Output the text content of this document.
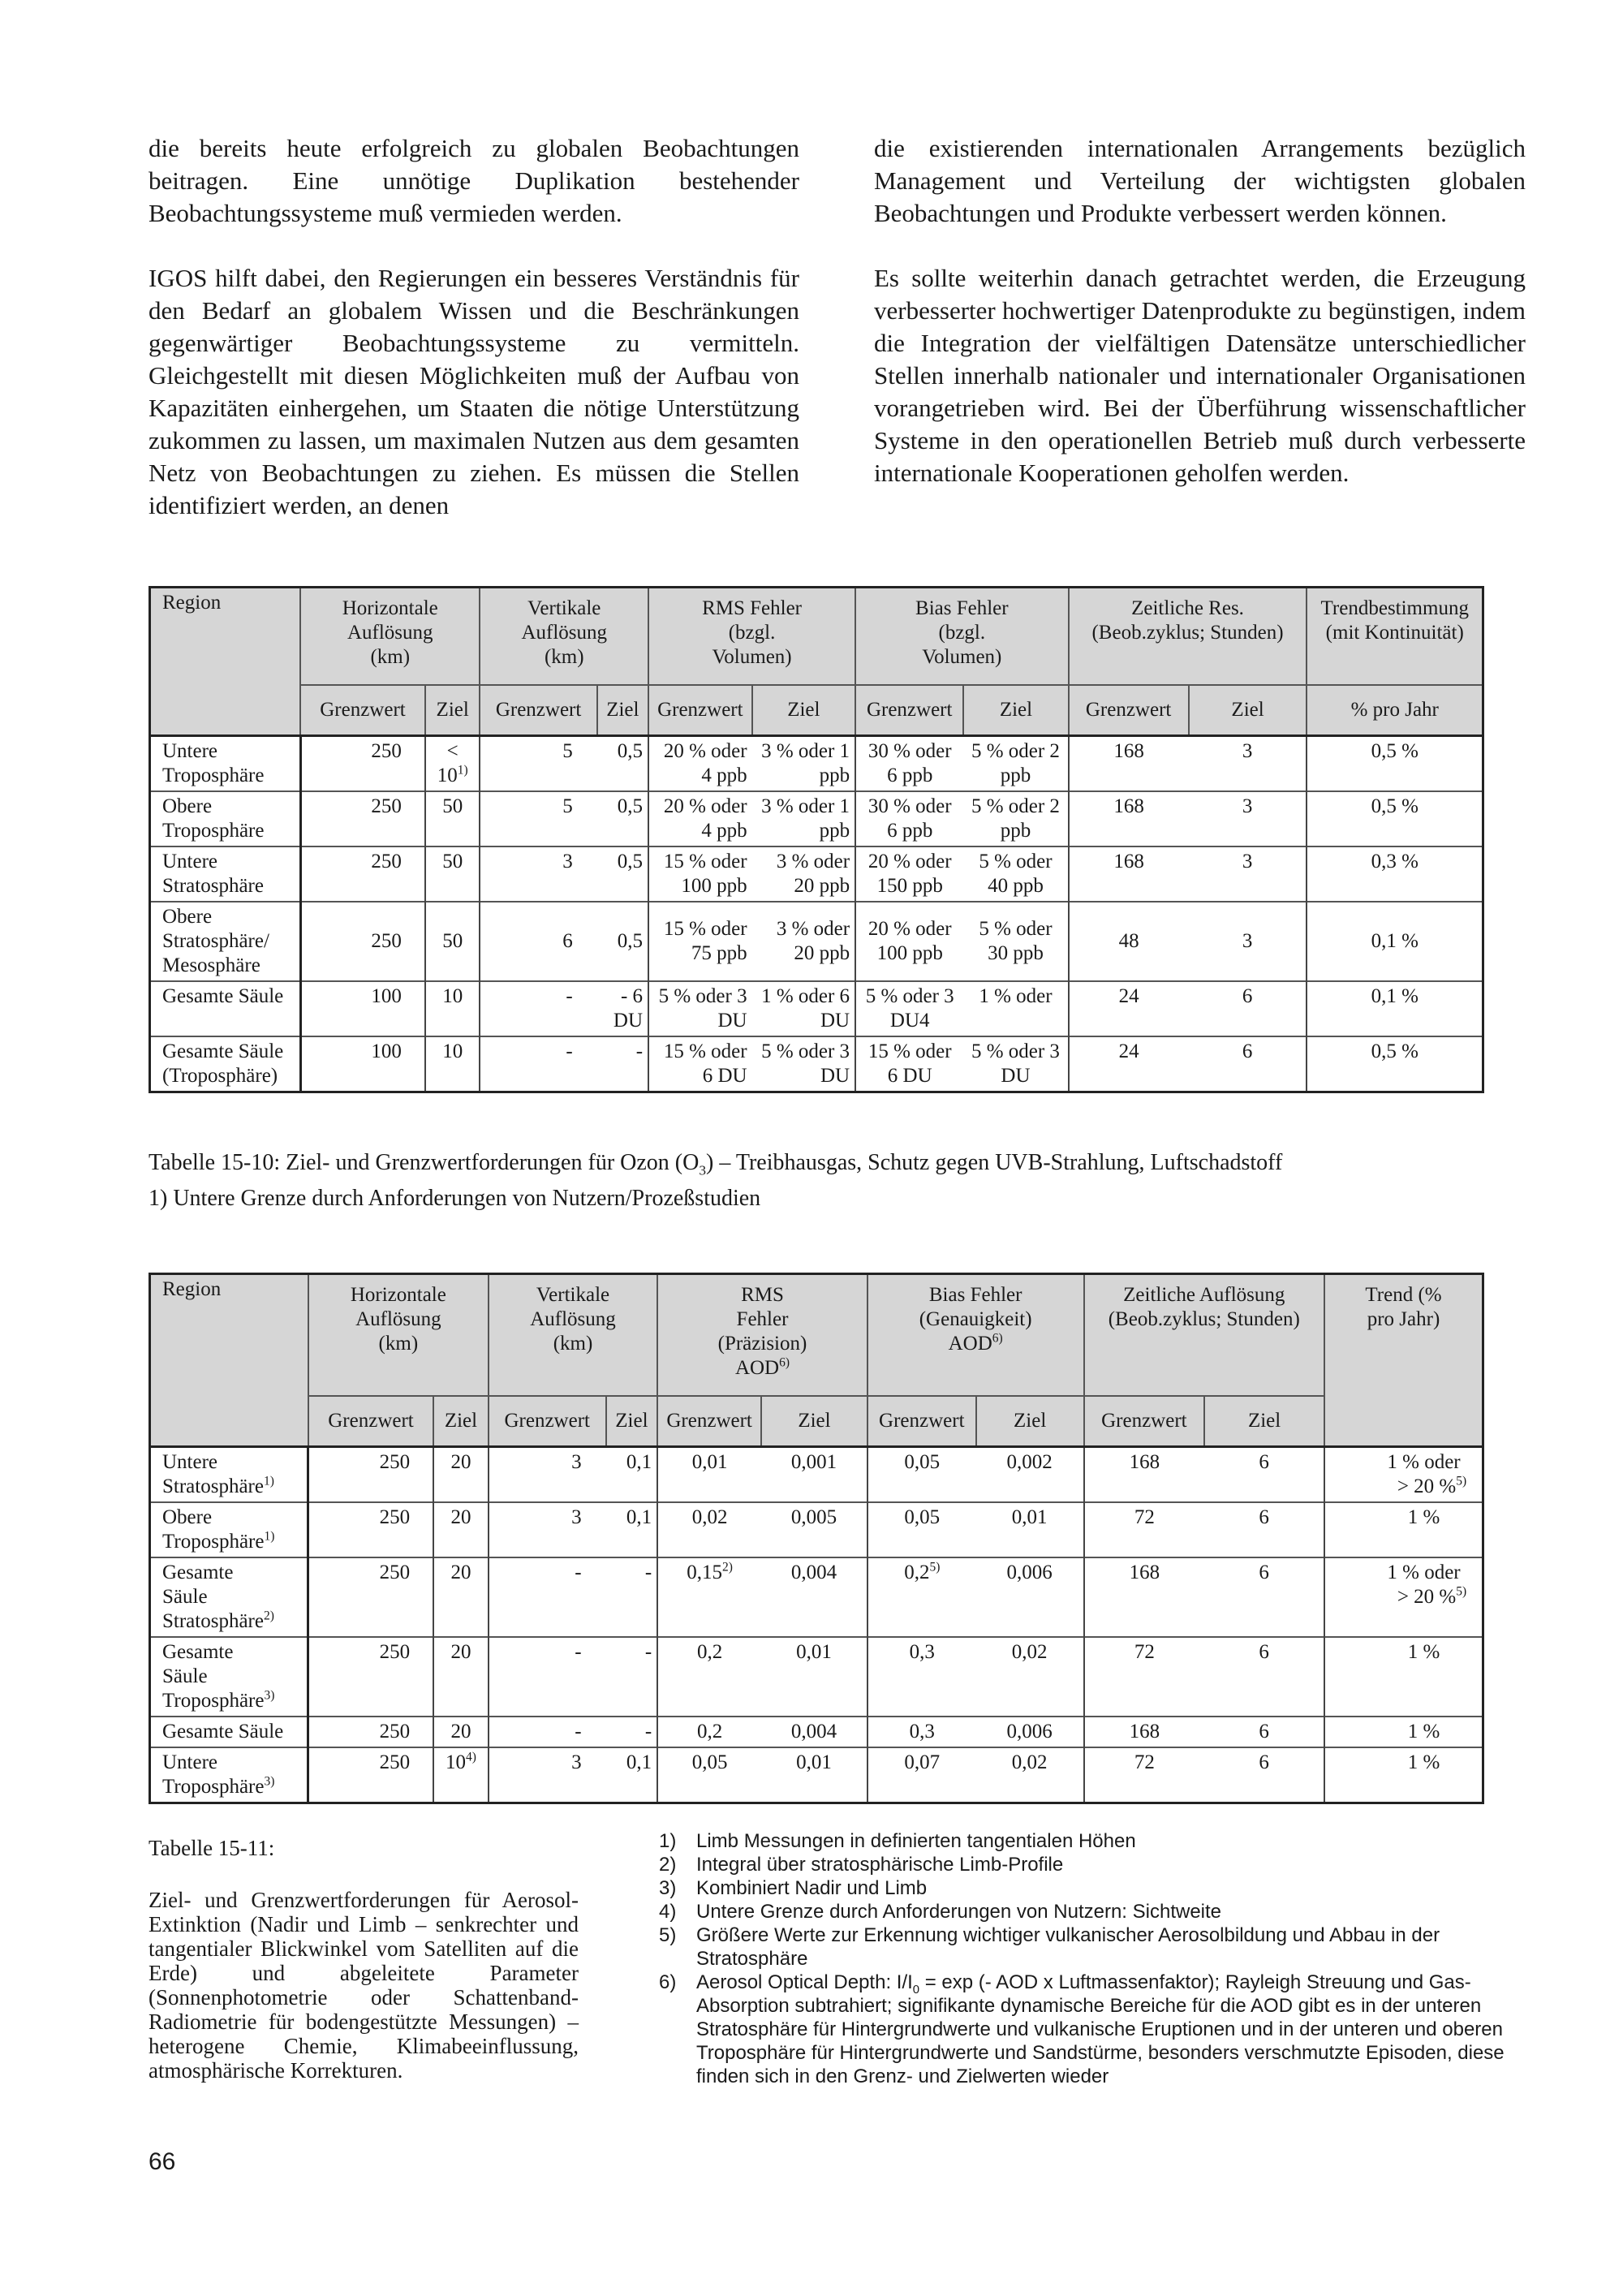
die bereits heute erfolgreich zu globalen Beobachtungen beitragen. Eine unnötige Duplikation bestehender Beobachtungssysteme muß vermieden werden.

IGOS hilft dabei, den Regierungen ein besseres Verständnis für den Bedarf an globalem Wissen und die Beschränkungen gegenwärtiger Beobachtungssysteme zu vermitteln. Gleichgestellt mit diesen Möglichkeiten muß der Aufbau von Kapazitäten einhergehen, um Staaten die nötige Unterstützung zukommen zu lassen, um maximalen Nutzen aus dem gesamten Netz von Beobachtungen zu ziehen. Es müssen die Stellen identifiziert werden, an denen

die existierenden internationalen Arrangements bezüglich Management und Verteilung der wichtigsten globalen Beobachtungen und Produkte verbessert werden können.

Es sollte weiterhin danach getrachtet werden, die Erzeugung verbesserter hochwertiger Datenprodukte zu begünstigen, indem die Integration der vielfältigen Datensätze unterschiedlicher Stellen innerhalb nationaler und internationaler Organisationen vorangetrieben wird. Bei der Überführung wissenschaftlicher Systeme in den operationellen Betrieb muß durch verbesserte internationale Kooperationen geholfen werden.

Region	Horizontale Auflösung (km)		Vertikale Auflösung (km)		RMS Fehler (bzgl. Volumen)		Bias Fehler (bzgl. Volumen)		Zeitliche Res. (Beob.zyklus; Stunden)		Trendbestimmung (mit Kontinuität)
	Grenzwert	Ziel	Grenzwert	Ziel	Grenzwert	Ziel	Grenzwert	Ziel	Grenzwert	Ziel	% pro Jahr
Untere Troposphäre	250	< $10^{1)}$	5	0,5	20 % oder 4 ppb	3 % oder 1 ppb	30 % oder 6 ppb	5 % oder 2 ppb	168	3	0,5 %
Obere Troposphäre	250	50	5	0,5	20 % oder 4 ppb	3 % oder 1 ppb	30 % oder 6 ppb	5 % oder 2 ppb	168	3	0,5 %
Untere Stratosphäre	250	50	3	0,5	15 % oder 100 ppb	3 % oder 20 ppb	20 % oder 150 ppb	5 % oder 40 ppb	168	3	0,3 %
Obere Stratosphäre/ Mesosphäre	250	50	6	0,5	15 % oder 75 ppb	3 % oder 20 ppb	20 % oder 100 ppb	5 % oder 30 ppb	48	3	0,1 %
Gesamte Säule	100	10	-	- 6 DU	5 % oder 3 DU	1 % oder 6 DU	5 % oder 3 DU4	1 % oder	24	6	0,1 %
Gesamte Säule (Troposphäre)	100	10	-	-	15 % oder 6 DU	5 % oder 3 DU	15 % oder 6 DU	5 % oder 3 DU	24	6	0,5 %
Tabelle 15-10: Ziel- und Grenzwertforderungen für Ozon $(O_3)$ – Treibhausgas, Schutz gegen UVB-Strahlung, Luftschadstoff
1) Untere Grenze durch Anforderungen von Nutzern/Prozeßstudien
Region	Horizontale Auflösung (km)		Vertikale Auflösung (km)		RMS Fehler (Präzision) AOD$^{6)}$		Bias Fehler (Genauigkeit) AOD$^{6)}$		Zeitliche Auflösung (Beob.zyklus; Stunden)		Trend (% pro Jahr)
	Grenzwert	Ziel	Grenzwert	Ziel	Grenzwert	Ziel	Grenzwert	Ziel	Grenzwert	Ziel	
Untere Stratosphäre$^{1)}$	250	20	3	0,1	0,01	0,001	0,05	0,002	168	6	1 % oder
> 20 %$^{5)}$

Obere Troposphäre$^{1)}$	250	20	3	0,1	0,02	0,005	0,05	0,01	72	6	1 %

Gesamte Säule Stratosphäre$^{2)}$	250	20	-	-	0,15$^{2)}$	0,004	0,2$^{5)}$	0,006	168	6	1 % oder
> 20 %$^{5)}$

Gesamte Säule Troposphäre$^{3)}$	250	20	-	-	0,2	0,01	0,3	0,02	72	6	1 %

Gesamte Säule	250	20	-	-	0,2	0,004	0,3	0,006	168	6	1 %

Untere Troposphäre$^{3)}$	250	10$^{4)}$	3	0,1	0,05	0,01	0,07	0,02	72	6	1 %
Tabelle 15-11:
Ziel- und Grenzwertforderungen für Aerosol-Extinktion (Nadir und Limb – senkrechter und tangentialer Blickwinkel vom Satelliten auf die Erde) und abgeleitete Parameter (Sonnenphotometrie oder Schattenband-Radiometrie für bodengestützte Messungen) – heterogene Chemie, Klimabeeinflussung, atmosphärische Korrekturen.
1)	Limb Messungen in definierten tangentialen Höhen
2)	Integral über stratosphärische Limb-Profile
3)	Kombiniert Nadir und Limb
4)	Untere Grenze durch Anforderungen von Nutzern: Sichtweite
5)	Größere Werte zur Erkennung wichtiger vulkanischer Aerosolbildung und Abbau in der Stratosphäre
6)	Aerosol Optical Depth: $I/I_0 = \exp$ (- AOD x Luftmassenfaktor); Rayleigh Streuung und Gas-Absorption subtrahiert; signifikante dynamische Bereiche für die AOD gibt es in der unteren Stratosphäre für Hintergrundwerte und vulkanische Eruptionen und in der unteren und oberen Troposphäre für Hintergrundwerte und Sandstürme, besonders verschmutzte Episoden, diese finden sich in den Grenz- und Zielwerten wieder
66
